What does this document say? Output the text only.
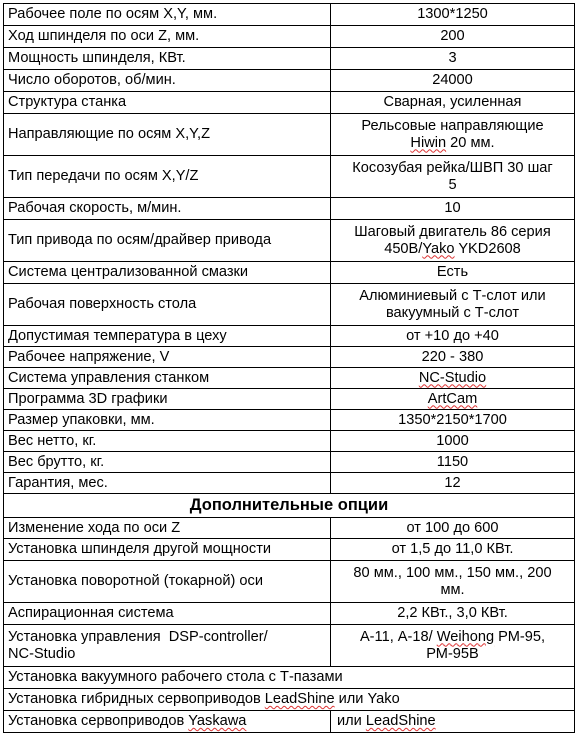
Рабочее поле по осям X,Y, мм.	1300*1250
Ход шпинделя по оси Z, мм.	200
Мощность шпинделя, КВт.	3
Число оборотов, об/мин.	24000
Структура станка	Сварная, усиленная
Направляющие по осям X,Y,Z	Рельсовые направляющие
Hiwin 20 мм.
Тип передачи по осям X,Y/Z	Косозубая рейка/ШВП 30 шаг
5
Рабочая скорость, м/мин.	10
Тип привода по осям/драйвер привода	Шаговый двигатель 86 серия
450В/Yako YKD2608
Система централизованной смазки	Есть
Рабочая поверхность стола	Алюминиевый с Т-слот или
вакуумный с Т-слот
Допустимая температура в цеху	от +10 до +40
Рабочее напряжение, V	220 - 380
Система управления станком	NC-Studio
Программа 3D графики	ArtCam
Размер упаковки, мм.	1350*2150*1700
Вес нетто, кг.	1000
Вес брутто, кг.	1150
Гарантия, мес.	12
Дополнительные опции	
Изменение хода по оси Z	от 100 до 600
Установка шпинделя другой мощности	от 1,5 до 11,0 КВт.
Установка поворотной (токарной) оси	80 мм., 100 мм., 150 мм., 200
мм.
Аспирационная система	2,2 КВт., 3,0 КВт.
Установка управления  DSP-controller/
NC-Studio	А-11, А-18/ Weihong РМ-95,
РМ-95В
Установка вакуумного рабочего стола с Т-пазами	
Установка гибридных сервоприводов LeadShine или Yako	
Установка сервоприводов Yaskawa	или LeadShine
